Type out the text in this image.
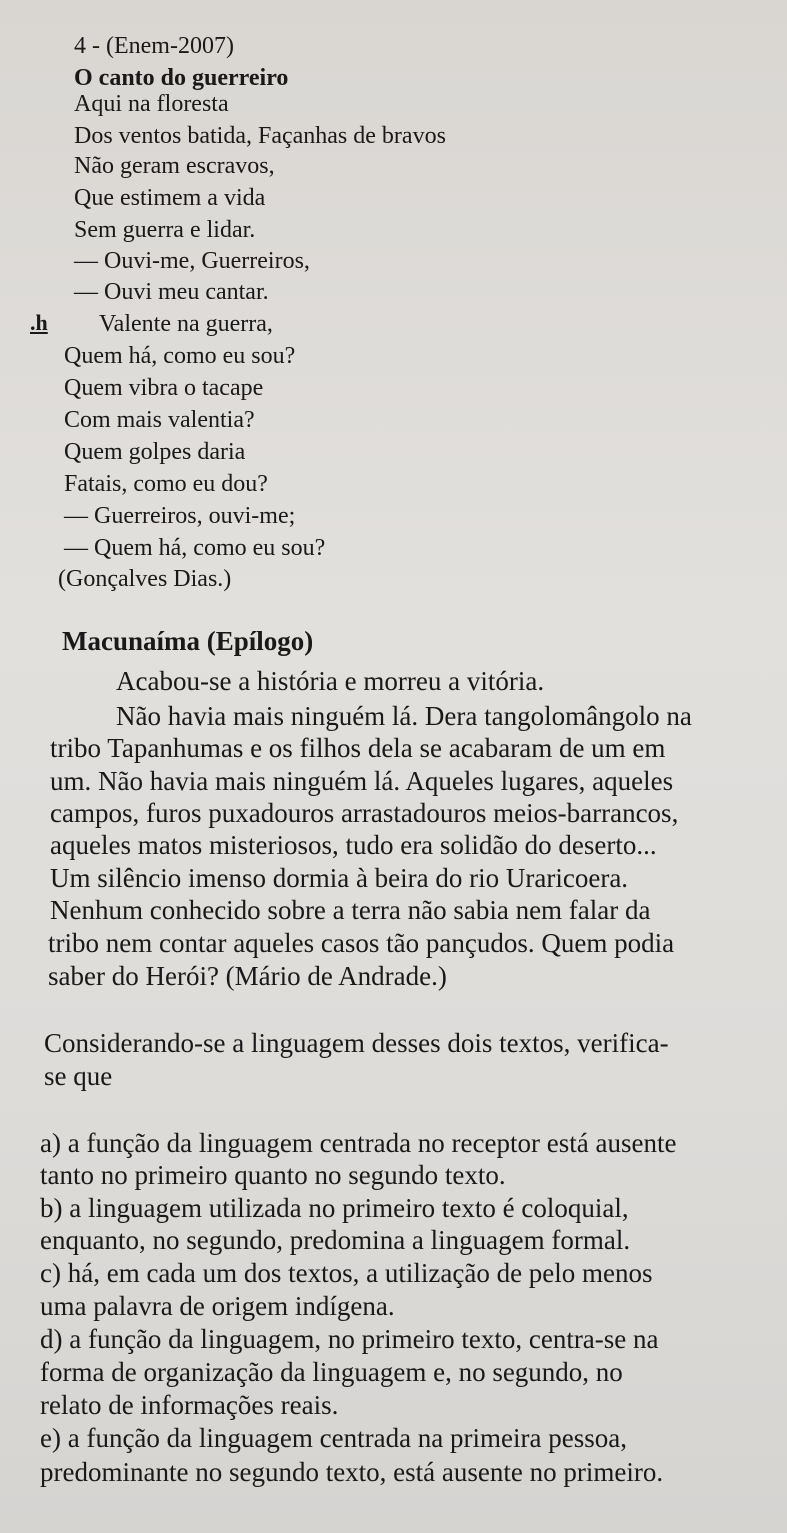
4 - (Enem-2007)
O canto do guerreiro
Aqui na floresta
Dos ventos batida, Façanhas de bravos
Não geram escravos,
Que estimem a vida
Sem guerra e lidar.
— Ouvi-me, Guerreiros,
— Ouvi meu cantar.
.h Valente na guerra,
Quem há, como eu sou?
Quem vibra o tacape
Com mais valentia?
Quem golpes daria
Fatais, como eu dou?
— Guerreiros, ouvi-me;
— Quem há, como eu sou?
(Gonçalves Dias.)
Macunaíma (Epílogo)
Acabou-se a história e morreu a vitória.
Não havia mais ninguém lá. Dera tangolomângolo na
tribo Tapanhumas e os filhos dela se acabaram de um em
um. Não havia mais ninguém lá. Aqueles lugares, aqueles
campos, furos puxadouros arrastadouros meios-barrancos,
aqueles matos misteriosos, tudo era solidão do deserto...
Um silêncio imenso dormia à beira do rio Uraricoera.
Nenhum conhecido sobre a terra não sabia nem falar da
tribo nem contar aqueles casos tão pançudos. Quem podia
saber do Herói? (Mário de Andrade.)
Considerando-se a linguagem desses dois textos, verifica-
se que
a) a função da linguagem centrada no receptor está ausente
tanto no primeiro quanto no segundo texto.
b) a linguagem utilizada no primeiro texto é coloquial,
enquanto, no segundo, predomina a linguagem formal.
c) há, em cada um dos textos, a utilização de pelo menos
uma palavra de origem indígena.
d) a função da linguagem, no primeiro texto, centra-se na
forma de organização da linguagem e, no segundo, no
relato de informações reais.
e) a função da linguagem centrada na primeira pessoa,
predominante no segundo texto, está ausente no primeiro.
